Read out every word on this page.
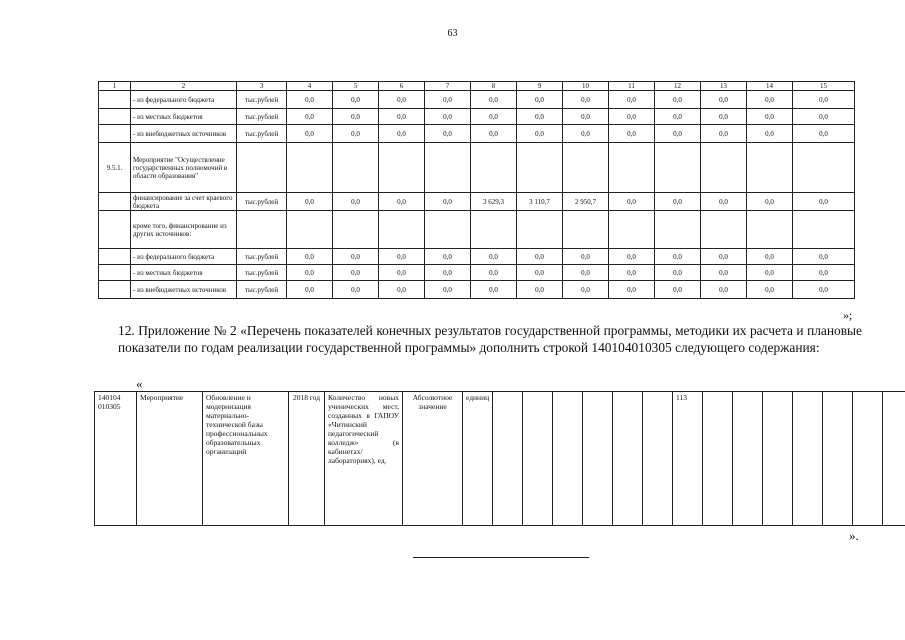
63
1	2	3	4	5	6	7	8	9	10	11	12	13	14	15
	- из федерального бюджета	тыс.рублей	0,0	0,0	0,0	0,0	0,0	0,0	0,0	0,0	0,0	0,0	0,0	0,0
	- из местных бюджетов	тыс.рублей	0,0	0,0	0,0	0,0	0,0	0,0	0,0	0,0	0,0	0,0	0,0	0,0
	- из внебюджетных источников	тыс.рублей	0,0	0,0	0,0	0,0	0,0	0,0	0,0	0,0	0,0	0,0	0,0	0,0
9.5.1.	Мероприятие "Осуществление государственных полномочий в области образования"													
	финансирование за счет краевого бюджета	тыс.рублей	0,0	0,0	0,0	0,0	3 629,3	3 110,7	2 950,7	0,0	0,0	0,0	0,0	0,0
	кроме того, финансирование из других источников:													
	- из федерального бюджета	тыс.рублей	0,0	0,0	0,0	0,0	0,0	0,0	0,0	0,0	0,0	0,0	0,0	0,0
	- из местных бюджетов	тыс.рублей	0,0	0,0	0,0	0,0	0,0	0,0	0,0	0,0	0,0	0,0	0,0	0,0
	- из внебюджетных источников	тыс.рублей	0,0	0,0	0,0	0,0	0,0	0,0	0,0	0,0	0,0	0,0	0,0	0,0
»;
12. Приложение № 2 «Перечень показателей конечных результатов государственной программы, методики их расчета и плановые показатели по годам реализации государственной программы» дополнить строкой 140104010305 следующего содержания:
«
140104 010305	Мероприятие	Обновление и модернизация материально-технической базы профессиональных образовательных организаций	2018 год	Количество новых ученических мест, созданных в ГАПОУ «Читинский педагогический колледж» (в кабинетах/ лабораториях), ед.	Абсолютное значение	единиц							113							
».
